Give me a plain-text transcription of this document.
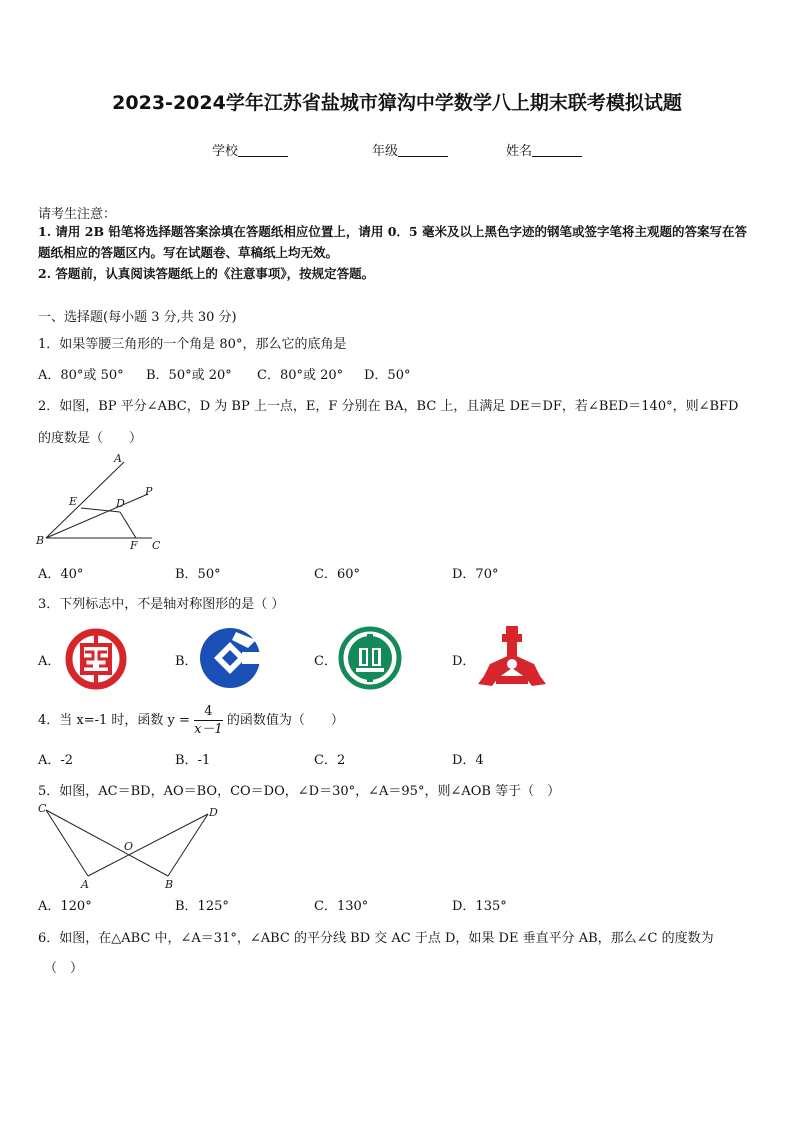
2023-2024学年江苏省盐城市獐沟中学数学八上期末联考模拟试题
学校	年级	姓名
请考生注意：
1. 请用 2B 铅笔将选择题答案涂填在答题纸相应位置上，请用 0．5 毫米及以上黑色字迹的钢笔或签字笔将主观题的答案写在答题纸相应的答题区内。写在试题卷、草稿纸上均无效。
2. 答题前，认真阅读答题纸上的《注意事项》，按规定答题。
一、选择题(每小题 3 分,共 30 分)
1．如果等腰三角形的一个角是 80°，那么它的底角是
A．80°或 50° B．50°或 20° C．80°或 20° D．50°
2．如图，BP 平分∠ABC，D 为 BP 上一点，E，F 分别在 BA，BC 上，且满足 DE＝DF，若∠BED＝140°，则∠BFD
的度数是（　　）
A
E	D
P
B	F C
A．40°	B．50°	C．60°	D．70°
3．下列标志中，不是轴对称图形的是（ ）
A．	B．	C．	D．
4．当 x=-1 时，函数 $y = \frac{4}{x-1}$ 的函数值为（　　）
A．-2	B．-1	C．2	D．4
5．如图，AC＝BD，AO＝BO，CO＝DO，∠D＝30°，∠A＝95°，则∠AOB 等于（　）
C	D
O
A	B
A．120°	B．125°	C．130°	D．135°
6．如图，在△ABC 中，∠A＝31°，∠ABC 的平分线 BD 交 AC 于点 D，如果 DE 垂直平分 AB，那么∠C 的度数为
（　）
